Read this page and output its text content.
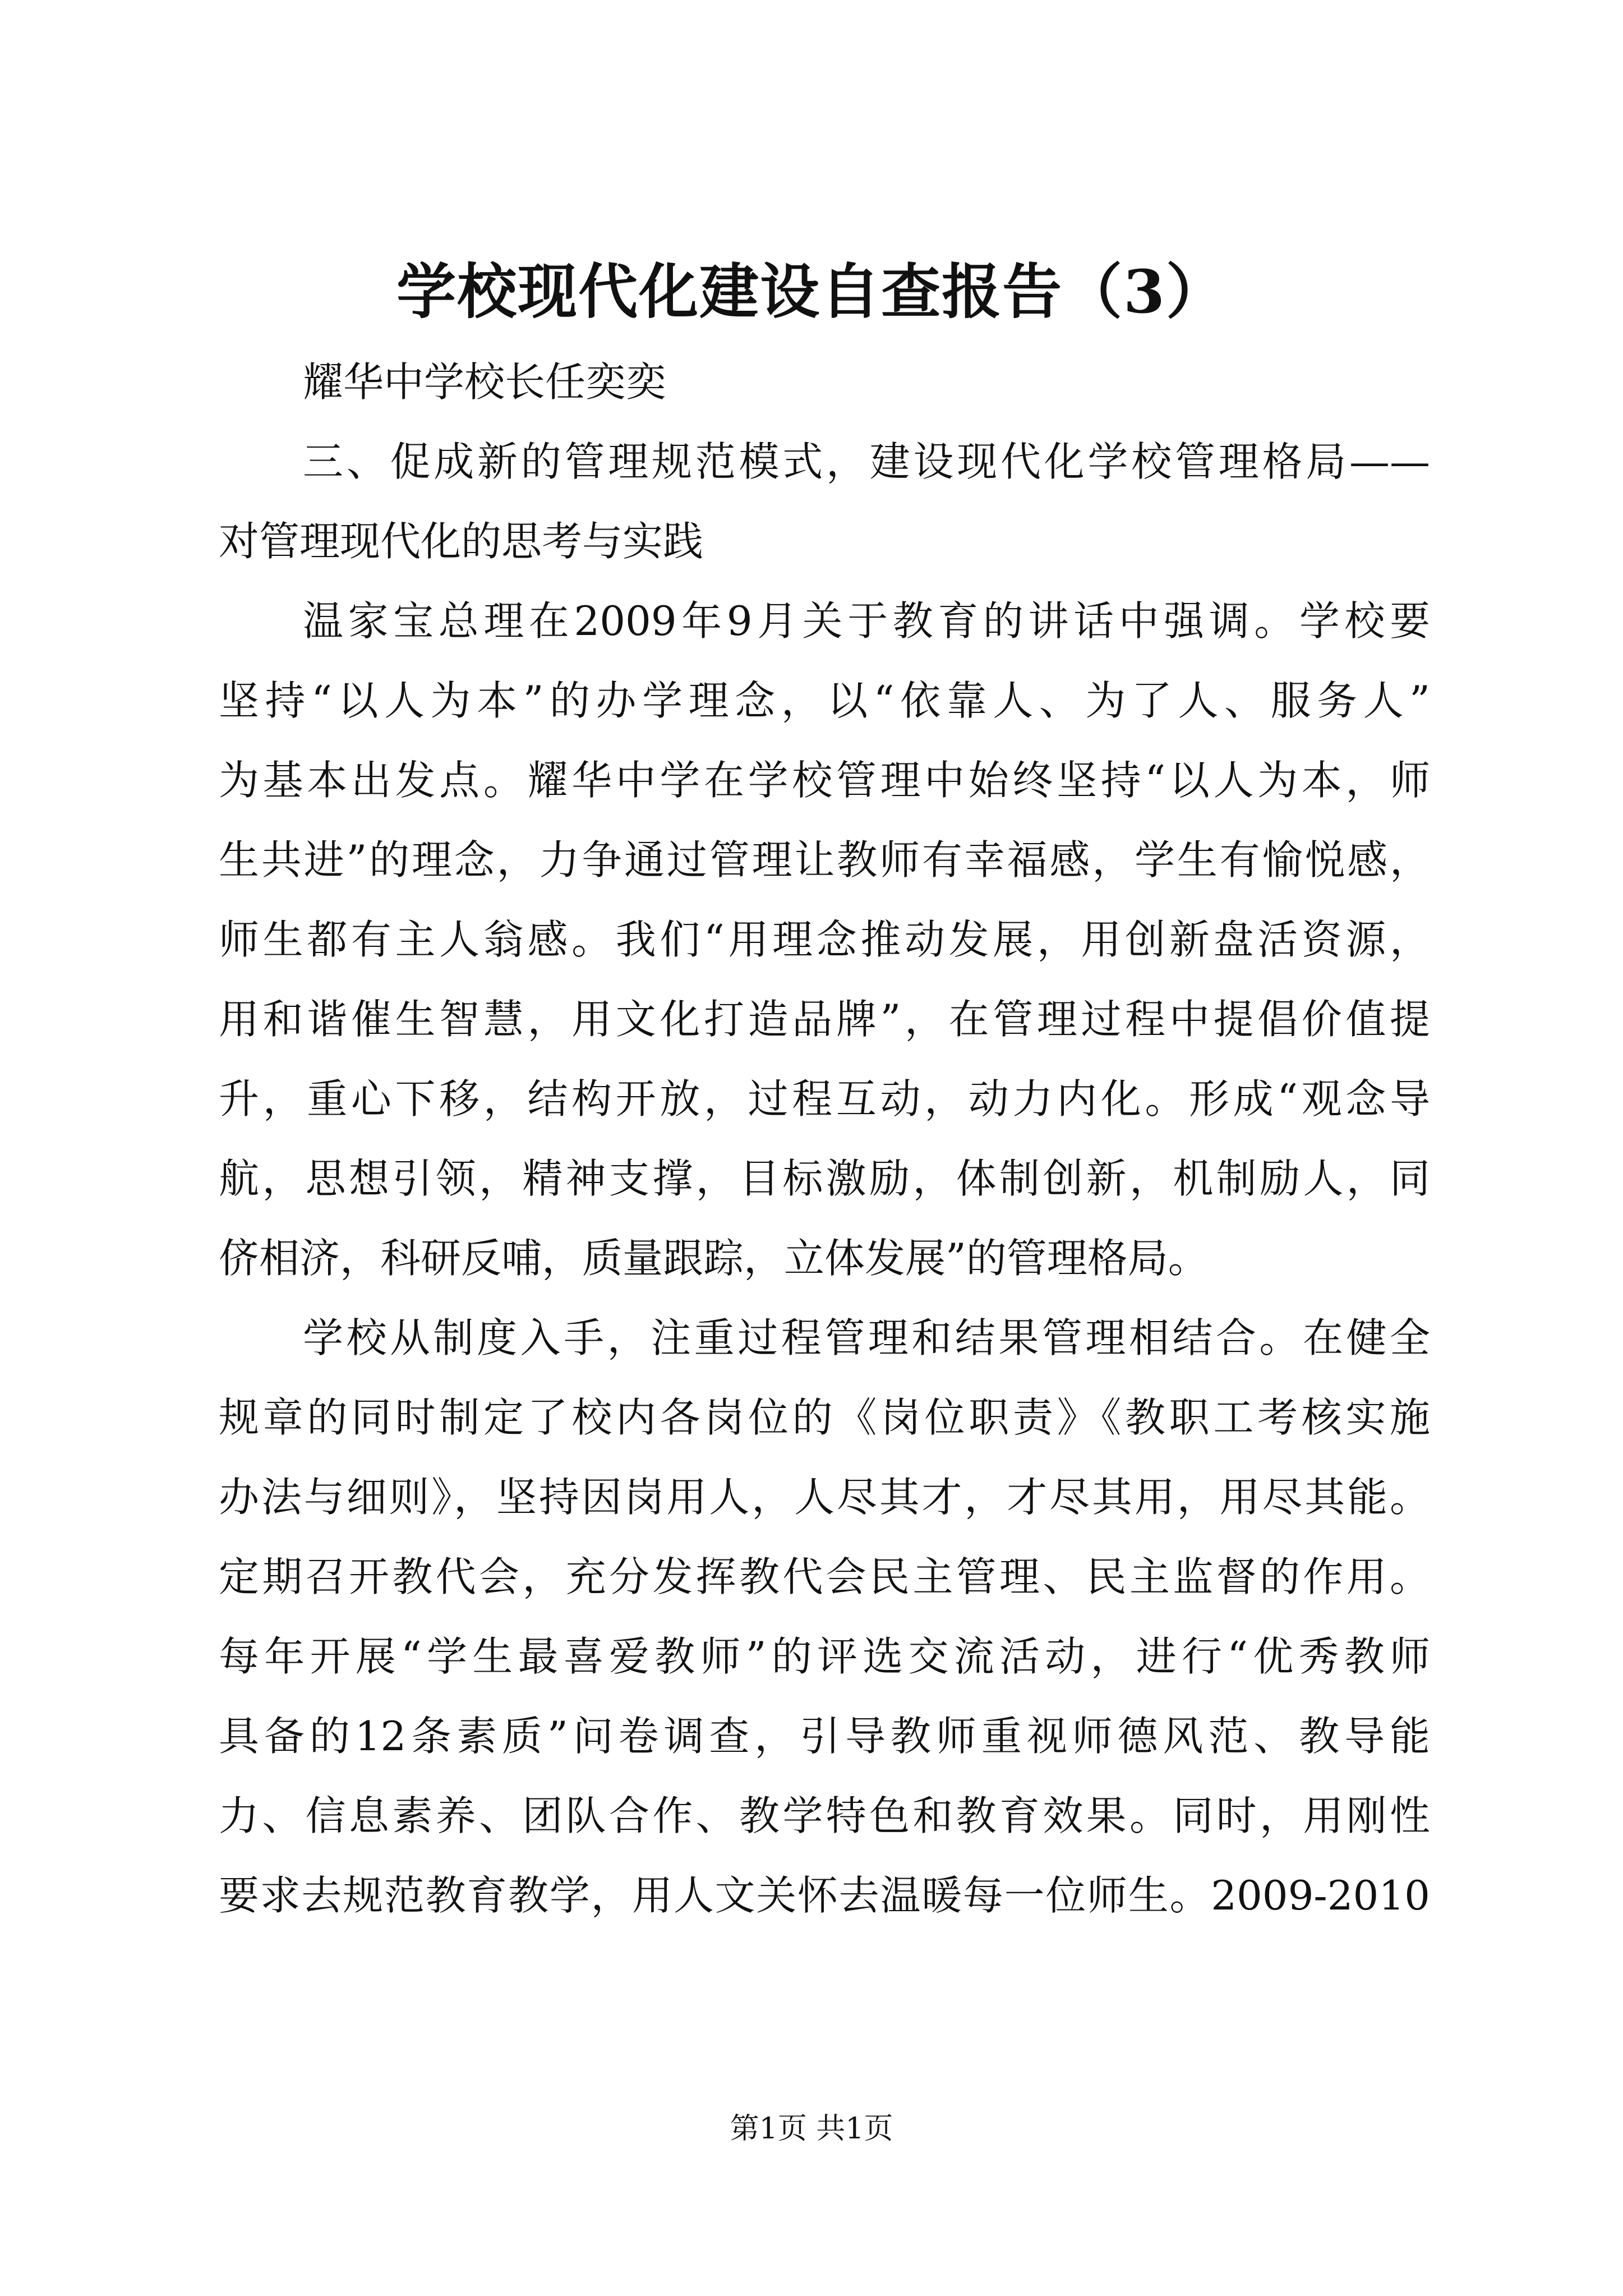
学校现代化建设自查报告（3）
耀华中学校长任奕奕
三、促成新的管理规范模式，建设现代化学校管理格局——
对管理现代化的思考与实践
温家宝总理在2009年9月关于教育的讲话中强调。学校要
坚持“以人为本”的办学理念，以“依靠人、为了人、服务人”
为基本出发点。耀华中学在学校管理中始终坚持“以人为本，师
生共进”的理念，力争通过管理让教师有幸福感，学生有愉悦感，
师生都有主人翁感。我们“用理念推动发展，用创新盘活资源，
用和谐催生智慧，用文化打造品牌”，在管理过程中提倡价值提
升，重心下移，结构开放，过程互动，动力内化。形成“观念导
航，思想引领，精神支撑，目标激励，体制创新，机制励人，同
侪相济，科研反哺，质量跟踪，立体发展”的管理格局。
学校从制度入手，注重过程管理和结果管理相结合。在健全
规章的同时制定了校内各岗位的《岗位职责》《教职工考核实施
办法与细则》，坚持因岗用人，人尽其才，才尽其用，用尽其能。
定期召开教代会，充分发挥教代会民主管理、民主监督的作用。
每年开展“学生最喜爱教师”的评选交流活动，进行“优秀教师
具备的12条素质”问卷调查，引导教师重视师德风范、教导能
力、信息素养、团队合作、教学特色和教育效果。同时，用刚性
要求去规范教育教学，用人文关怀去温暖每一位师生。2009-2010
第1页 共1页
